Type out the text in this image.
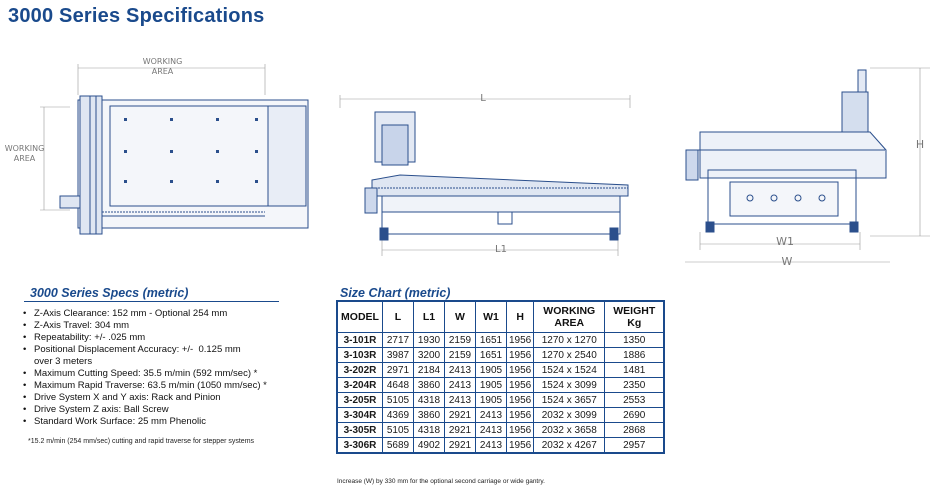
3000 Series Specifications
WORKING
AREA
WORKING
AREA
L
L1
H
W1
W
3000 Series Specs (metric)
• Z-Axis Clearance: 152 mm - Optional 254 mm
• Z-Axis Travel: 304 mm
• Repeatability: +/- .025 mm
• Positional Displacement Accuracy: +/-  0.125 mm
over 3 meters
• Maximum Cutting Speed: 35.5 m/min (592 mm/sec) *
• Maximum Rapid Traverse: 63.5 m/min (1050 mm/sec) *
• Drive System X and Y axis: Rack and Pinion
• Drive System Z axis: Ball Screw
• Standard Work Surface: 25 mm Phenolic
*15.2 m/min (254 mm/sec) cutting and rapid traverse for stepper systems
Size Chart (metric)
MODEL	L	L1	W	W1	H	WORKING AREA	WEIGHT Kg
3-101R	2717	1930	2159	1651	1956	1270 x 1270	1350
3-103R	3987	3200	2159	1651	1956	1270 x 2540	1886
3-202R	2971	2184	2413	1905	1956	1524 x 1524	1481
3-204R	4648	3860	2413	1905	1956	1524 x 3099	2350
3-205R	5105	4318	2413	1905	1956	1524 x 3657	2553
3-304R	4369	3860	2921	2413	1956	2032 x 3099	2690
3-305R	5105	4318	2921	2413	1956	2032 x 3658	2868
3-306R	5689	4902	2921	2413	1956	2032 x 4267	2957
Increase (W) by 330 mm for the optional second carriage or wide gantry.
